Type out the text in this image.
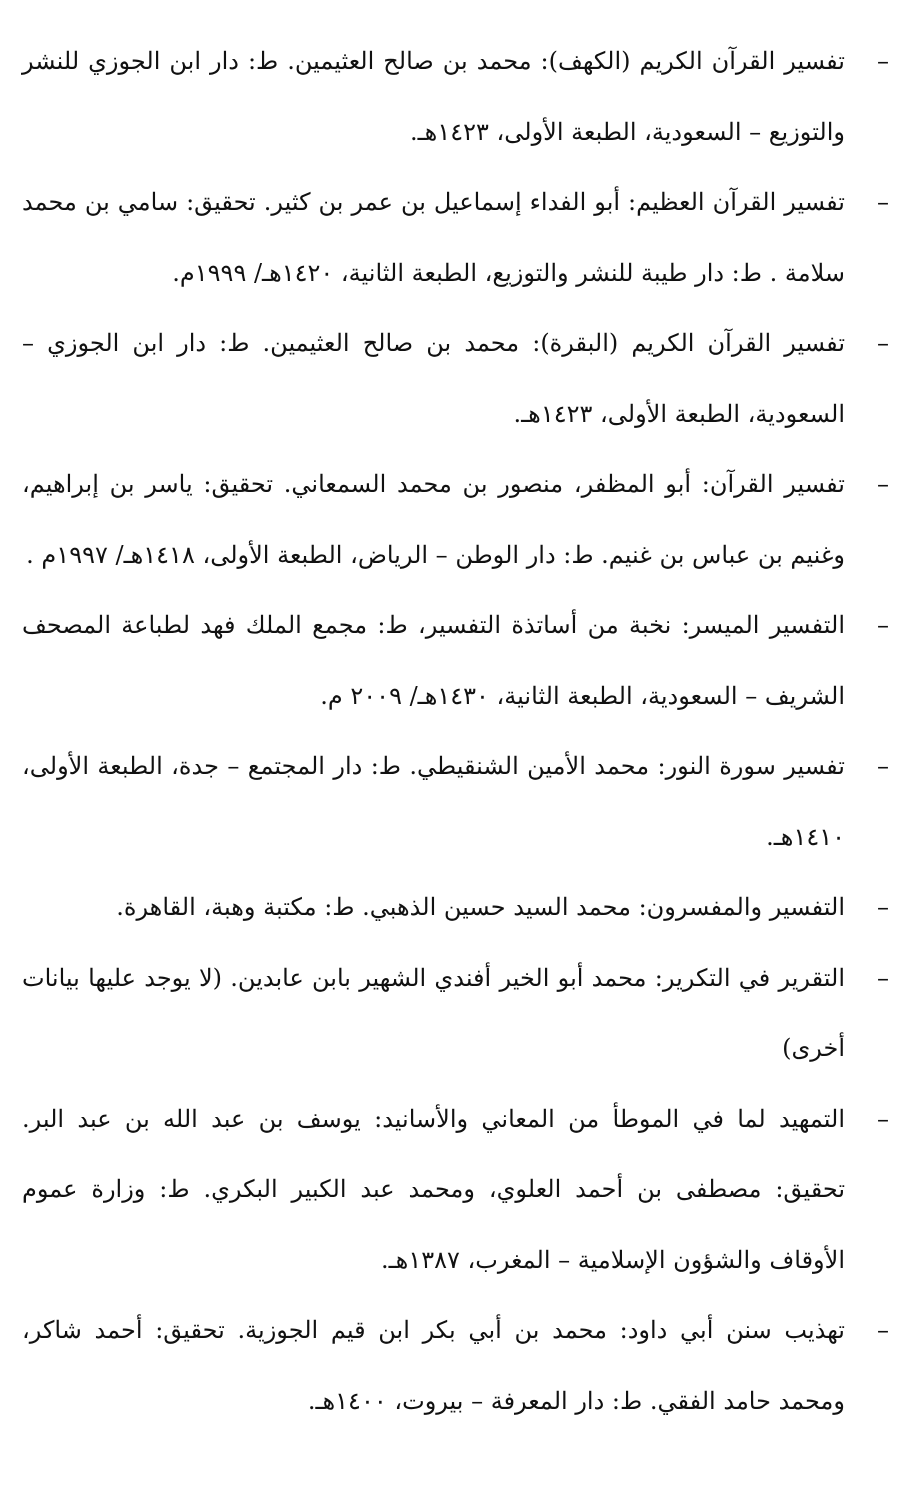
–
تفسير القرآن الكريم (الكهف): محمد بن صالح العثيمين. ط: دار ابن الجوزي للنشر والتوزيع – السعودية، الطبعة الأولى، ١٤٢٣هـ.
–
تفسير القرآن العظيم: أبو الفداء إسماعيل بن عمر بن كثير. تحقيق: سامي بن محمد سلامة . ط: دار طيبة للنشر والتوزيع، الطبعة الثانية، ١٤٢٠هـ/ ١٩٩٩م.
–
تفسير القرآن الكريم (البقرة): محمد بن صالح العثيمين. ط: دار ابن الجوزي – السعودية، الطبعة الأولى، ١٤٢٣هـ.
–
تفسير القرآن: أبو المظفر، منصور بن محمد السمعاني. تحقيق: ياسر بن إبراهيم، وغنيم بن عباس بن غنيم. ط: دار الوطن – الرياض، الطبعة الأولى، ١٤١٨هـ/ ١٩٩٧م .
–
التفسير الميسر: نخبة من أساتذة التفسير، ط: مجمع الملك فهد لطباعة المصحف الشريف – السعودية، الطبعة الثانية، ١٤٣٠هـ/ ٢٠٠٩ م.
–
تفسير سورة النور: محمد الأمين الشنقيطي. ط: دار المجتمع – جدة، الطبعة الأولى، ١٤١٠هـ.
–
التفسير والمفسرون: محمد السيد حسين الذهبي. ط: مكتبة وهبة، القاهرة.
–
التقرير في التكرير: محمد أبو الخير أفندي الشهير بابن عابدين. (لا يوجد عليها بيانات أخرى)
–
التمهيد لما في الموطأ من المعاني والأسانيد: يوسف بن عبد الله بن عبد البر. تحقيق: مصطفى بن أحمد العلوي، ومحمد عبد الكبير البكري. ط: وزارة عموم الأوقاف والشؤون الإسلامية – المغرب، ١٣٨٧هـ.
–
تهذيب سنن أبي داود: محمد بن أبي بكر ابن قيم الجوزية. تحقيق: أحمد شاكر، ومحمد حامد الفقي. ط: دار المعرفة – بيروت، ١٤٠٠هـ.
